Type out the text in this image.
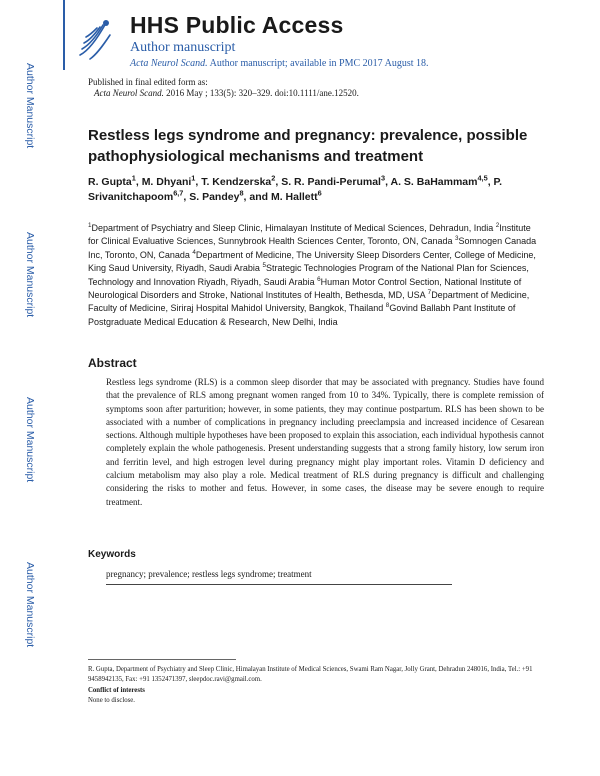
HHS Public Access
Author manuscript
Acta Neurol Scand. Author manuscript; available in PMC 2017 August 18.
Author Manuscript
Author Manuscript
Author Manuscript
Author Manuscript
Published in final edited form as:
Acta Neurol Scand. 2016 May ; 133(5): 320–329. doi:10.1111/ane.12520.
Restless legs syndrome and pregnancy: prevalence, possible pathophysiological mechanisms and treatment
R. Gupta$^1$, M. Dhyani$^1$, T. Kendzerska$^2$, S. R. Pandi-Perumal$^3$, A. S. BaHammam$^{4,5}$, P. Srivanitchapoom$^{6,7}$, S. Pandey$^8$, and M. Hallett$^6$
$^1$Department of Psychiatry and Sleep Clinic, Himalayan Institute of Medical Sciences, Dehradun, India $^2$Institute for Clinical Evaluative Sciences, Sunnybrook Health Sciences Center, Toronto, ON, Canada $^3$Somnogen Canada Inc, Toronto, ON, Canada $^4$Department of Medicine, The University Sleep Disorders Center, College of Medicine, King Saud University, Riyadh, Saudi Arabia $^5$Strategic Technologies Program of the National Plan for Sciences, Technology and Innovation Riyadh, Riyadh, Saudi Arabia $^6$Human Motor Control Section, National Institute of Neurological Disorders and Stroke, National Institutes of Health, Bethesda, MD, USA $^7$Department of Medicine, Faculty of Medicine, Siriraj Hospital Mahidol University, Bangkok, Thailand $^8$Govind Ballabh Pant Institute of Postgraduate Medical Education & Research, New Delhi, India
Abstract
Restless legs syndrome (RLS) is a common sleep disorder that may be associated with pregnancy. Studies have found that the prevalence of RLS among pregnant women ranged from 10 to 34%. Typically, there is complete remission of symptoms soon after parturition; however, in some patients, they may continue postpartum. RLS has been shown to be associated with a number of complications in pregnancy including preeclampsia and increased incidence of Cesarean sections. Although multiple hypotheses have been proposed to explain this association, each individual hypothesis cannot completely explain the whole pathogenesis. Present understanding suggests that a strong family history, low serum iron and ferritin level, and high estrogen level during pregnancy might play important roles. Vitamin D deficiency and calcium metabolism may also play a role. Medical treatment of RLS during pregnancy is difficult and challenging considering the risks to mother and fetus. However, in some cases, the disease may be severe enough to require treatment.
Keywords
pregnancy; prevalence; restless legs syndrome; treatment
R. Gupta, Department of Psychiatry and Sleep Clinic, Himalayan Institute of Medical Sciences, Swami Ram Nagar, Jolly Grant, Dehradun 248016, India, Tel.: +91 9458942135, Fax: +91 1352471397, sleepdoc.ravi@gmail.com.
Conflict of interests
None to disclose.
